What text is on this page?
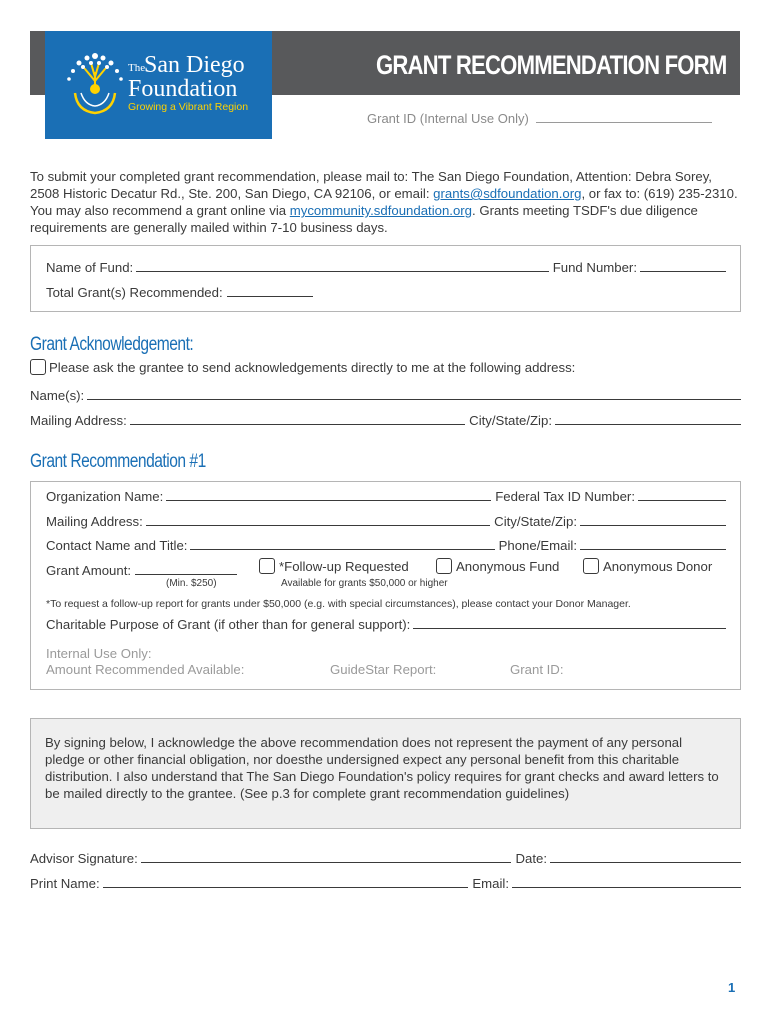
The
San Diego
Foundation
Growing a Vibrant Region
GRANT RECOMMENDATION FORM
Grant ID (Internal Use Only)
To submit your completed grant recommendation, please mail to: The San Diego Foundation, Attention: Debra Sorey, 2508 Historic Decatur Rd., Ste. 200, San Diego, CA 92106, or email: grants@sdfoundation.org, or fax to: (619) 235-2310. You may also recommend a grant online via mycommunity.sdfoundation.org. Grants meeting TSDF's due diligence requirements are generally mailed within 7-10 business days.
Name of Fund:	Fund Number:
Total Grant(s) Recommended:
Grant Acknowledgement:
Please ask the grantee to send acknowledgements directly to me at the following address:
Name(s):
Mailing Address:	City/State/Zip:
Grant Recommendation #1
Organization Name:	Federal Tax ID Number:
Mailing Address:	City/State/Zip:
Contact Name and Title:	Phone/Email:
Grant Amount:
(Min. $250)
*Follow-up Requested
Available for grants $50,000 or higher
Anonymous Fund	Anonymous Donor
*To request a follow-up report for grants under $50,000 (e.g. with special circumstances), please contact your Donor Manager.
Charitable Purpose of Grant (if other than for general support):
Internal Use Only:
Amount Recommended Available:	GuideStar Report:	Grant ID:
By signing below, I acknowledge the above recommendation does not represent the payment of any personal pledge or other financial obligation, nor doesthe undersigned expect any personal benefit from this charitable distribution. I also understand that The San Diego Foundation's policy requires for grant checks and award letters to be mailed directly to the grantee. (See p.3 for complete grant recommendation guidelines)
Advisor Signature:	Date:
Print Name:	Email:
1
